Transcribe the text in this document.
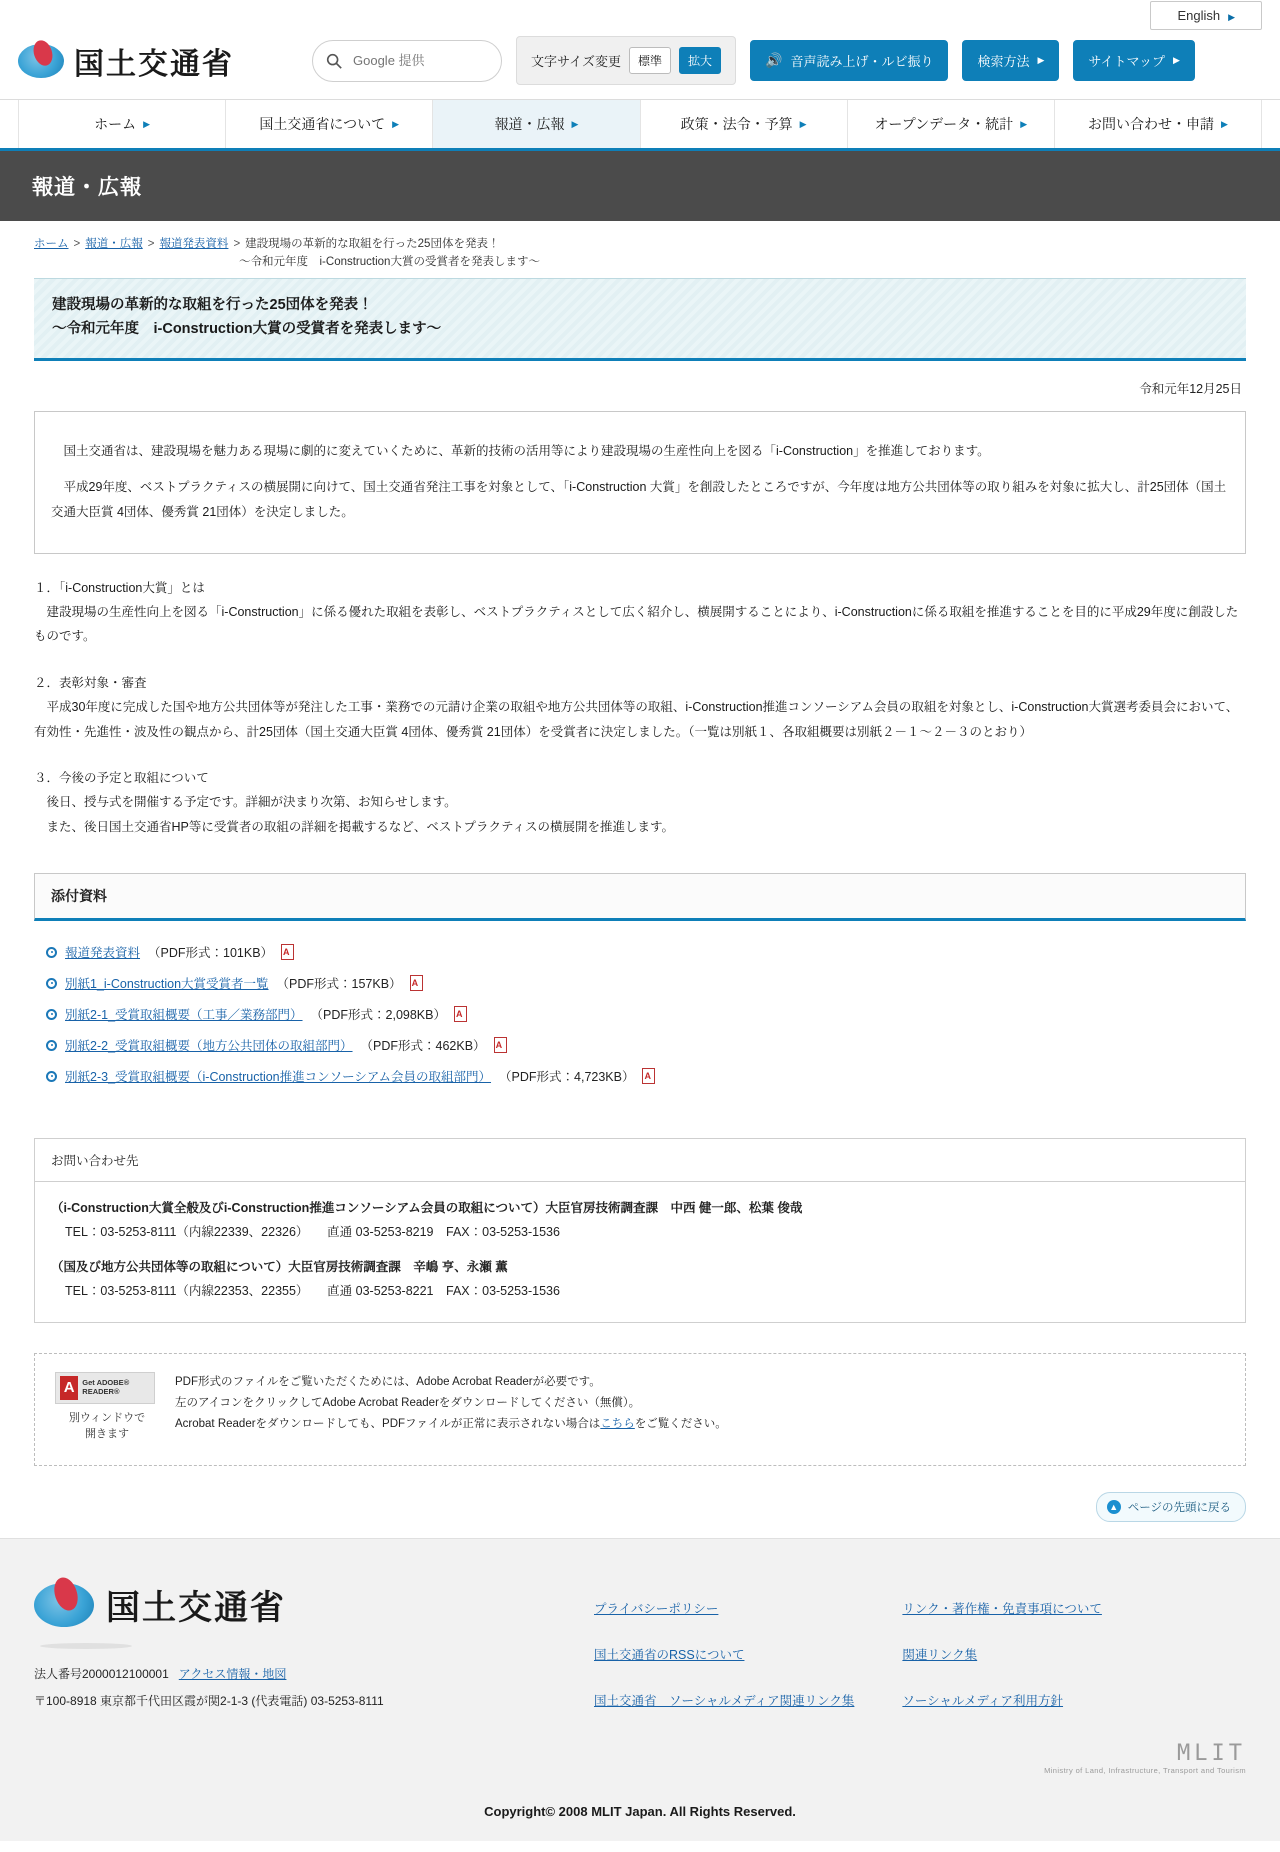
English ▶
国土交通省
Google 提供	文字サイズ変更	標準	拡大	🔊 音声読み上げ・ルビ振り	検索方法 ▶	サイトマップ ▶
ホーム ▶	国土交通省について ▶	報道・広報 ▶	政策・法令・予算 ▶	オープンデータ・統計 ▶	お問い合わせ・申請 ▶
報道・広報
ホーム > 報道・広報 > 報道発表資料 > 建設現場の革新的な取組を行った25団体を発表！
～令和元年度　i-Construction大賞の受賞者を発表します～
建設現場の革新的な取組を行った25団体を発表！
～令和元年度　i-Construction大賞の受賞者を発表します～
令和元年12月25日

　国土交通省は、建設現場を魅力ある現場に劇的に変えていくために、革新的技術の活用等により建設現場の生産性向上を図る「i-Construction」を推進しております。

　平成29年度、ベストプラクティスの横展開に向けて、国土交通省発注工事を対象として、「i-Construction 大賞」を創設したところですが、今年度は地方公共団体等の取り組みを対象に拡大し、計25団体（国土交通大臣賞 4団体、優秀賞 21団体）を決定しました。

１．「i-Construction大賞」とは

　建設現場の生産性向上を図る「i-Construction」に係る優れた取組を表彰し、ベストプラクティスとして広く紹介し、横展開することにより、i-Constructionに係る取組を推進することを目的に平成29年度に創設したものです。

２．表彰対象・審査

　平成30年度に完成した国や地方公共団体等が発注した工事・業務での元請け企業の取組や地方公共団体等の取組、i-Construction推進コンソーシアム会員の取組を対象とし、i-Construction大賞選考委員会において、有効性・先進性・波及性の観点から、計25団体（国土交通大臣賞 4団体、優秀賞 21団体）を受賞者に決定しました。（一覧は別紙１、各取組概要は別紙２－１～２－３のとおり）

３．今後の予定と取組について

　後日、授与式を開催する予定です。詳細が決まり次第、お知らせします。

　また、後日国土交通省HP等に受賞者の取組の詳細を掲載するなど、ベストプラクティスの横展開を推進します。

添付資料
報道発表資料 （PDF形式：101KB）
A
別紙1_i-Construction大賞受賞者一覧 （PDF形式：157KB）
A
別紙2-1_受賞取組概要（工事／業務部門） （PDF形式：2,098KB）
A
別紙2-2_受賞取組概要（地方公共団体の取組部門） （PDF形式：462KB）
A
別紙2-3_受賞取組概要（i-Construction推進コンソーシアム会員の取組部門） （PDF形式：4,723KB）
A
お問い合わせ先
（i-Construction大賞全般及びi-Construction推進コンソーシアム会員の取組について）大臣官房技術調査課　中西 健一郎、松葉 俊哉
TEL：03-5253-8111（内線22339、22326）　　直通 03-5253-8219　FAX：03-5253-1536
（国及び地方公共団体等の取組について）大臣官房技術調査課　辛嶋 亨、永瀬 薫
TEL：03-5253-8111（内線22353、22355）　　直通 03-5253-8221　FAX：03-5253-1536
A	Get ADOBE® READER®
別ウィンドウで
開きます
PDF形式のファイルをご覧いただくためには、Adobe Acrobat Readerが必要です。
左のアイコンをクリックしてAdobe Acrobat Readerをダウンロードしてください（無償）。
Acrobat Readerをダウンロードしても、PDFファイルが正常に表示されない場合はこちらをご覧ください。
▲ ページの先頭に戻る
国土交通省
法人番号2000012100001 アクセス情報・地図
〒100-8918 東京都千代田区霞が関2-1-3 (代表電話) 03-5253-8111
プライバシーポリシー
国土交通省のRSSについて
国土交通省　ソーシャルメディア関連リンク集
リンク・著作権・免責事項について
関連リンク集
ソーシャルメディア利用方針
MLIT
Ministry of Land, Infrastructure, Transport and Tourism
Copyright© 2008 MLIT Japan. All Rights Reserved.
